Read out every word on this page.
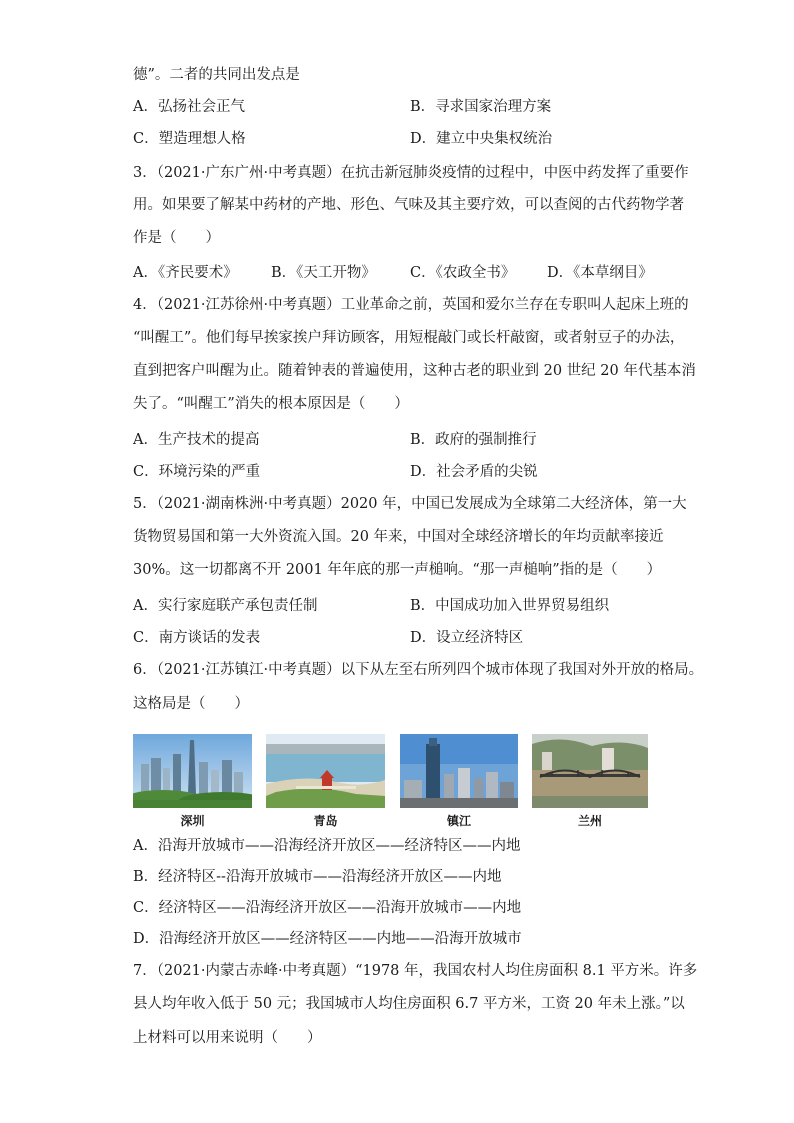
德”。二者的共同出发点是
A．弘扬社会正气	B．寻求国家治理方案
C．塑造理想人格	D．建立中央集权统治
3．（2021·广东广州·中考真题）在抗击新冠肺炎疫情的过程中，中医中药发挥了重要作
用。如果要了解某中药材的产地、形色、气味及其主要疗效，可以查阅的古代药物学著
作是（　　）
A．《齐民要术》 B．《天工开物》 C．《农政全书》 D．《本草纲目》
4．（2021·江苏徐州·中考真题）工业革命之前，英国和爱尔兰存在专职叫人起床上班的
“叫醒工”。他们每早挨家挨户拜访顾客，用短棍敲门或长杆敲窗，或者射豆子的办法，
直到把客户叫醒为止。随着钟表的普遍使用，这种古老的职业到 20 世纪 20 年代基本消
失了。“叫醒工”消失的根本原因是（　　）
A．生产技术的提高	B．政府的强制推行
C．环境污染的严重	D．社会矛盾的尖锐
5．（2021·湖南株洲·中考真题）2020 年，中国已发展成为全球第二大经济体，第一大
货物贸易国和第一大外资流入国。20 年来，中国对全球经济增长的年均贡献率接近
30%。这一切都离不开 2001 年年底的那一声槌响。“那一声槌响”指的是（　　）
A．实行家庭联产承包责任制	B．中国成功加入世界贸易组织
C．南方谈话的发表	D．设立经济特区
6．（2021·江苏镇江·中考真题）以下从左至右所列四个城市体现了我国对外开放的格局。
这格局是（　　）
深圳	青岛	镇江	兰州
A．沿海开放城市——沿海经济开放区——经济特区——内地
B．经济特区--沿海开放城市——沿海经济开放区——内地
C．经济特区——沿海经济开放区——沿海开放城市——内地
D．沿海经济开放区——经济特区——内地——沿海开放城市
7．（2021·内蒙古赤峰·中考真题）“1978 年，我国农村人均住房面积 8.1 平方米。许多
县人均年收入低于 50 元；我国城市人均住房面积 6.7 平方米，工资 20 年未上涨。”以
上材料可以用来说明（　　）
